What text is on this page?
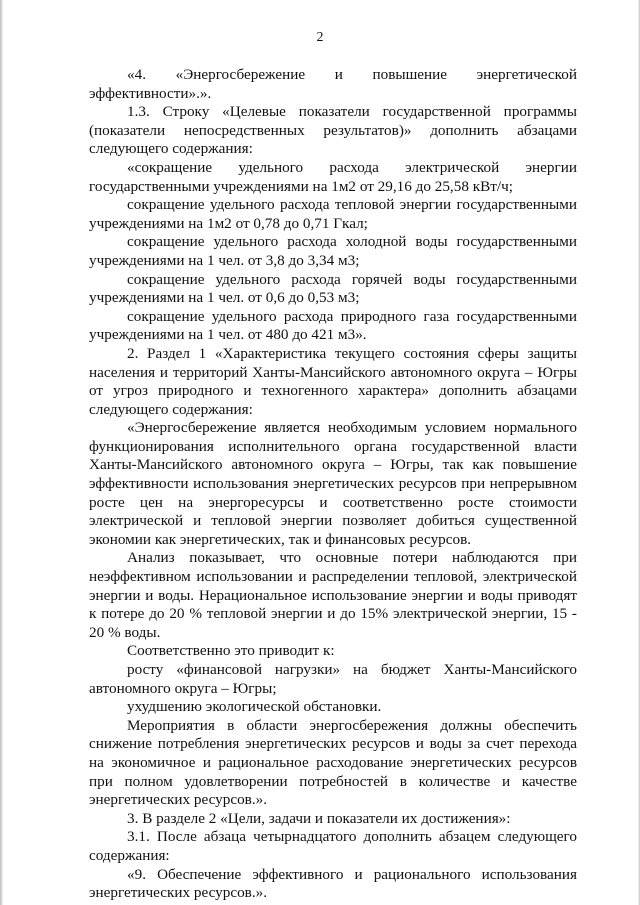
2

«4. «Энергосбережение и повышение энергетической эффективности».».

1.3. Строку «Целевые показатели государственной программы (показатели непосредственных результатов)» дополнить абзацами следующего содержания:

«сокращение удельного расхода электрической энергии государственными учреждениями на 1м2 от 29,16 до 25,58 кВт/ч;

сокращение удельного расхода тепловой энергии государственными учреждениями на 1м2 от 0,78 до 0,71 Гкал;

сокращение удельного расхода холодной воды государственными учреждениями на 1 чел. от 3,8 до 3,34 м3;

сокращение удельного расхода горячей воды государственными учреждениями на 1 чел. от 0,6 до 0,53 м3;

сокращение удельного расхода природного газа государственными учреждениями на 1 чел. от 480 до 421 м3».

2. Раздел 1 «Характеристика текущего состояния сферы защиты населения и территорий Ханты-Мансийского автономного округа – Югры от угроз природного и техногенного характера» дополнить абзацами следующего содержания:

«Энергосбережение является необходимым условием нормального функционирования исполнительного органа государственной власти Ханты-Мансийского автономного округа – Югры, так как повышение эффективности использования энергетических ресурсов при непрерывном росте цен на энергоресурсы и соответственно росте стоимости электрической и тепловой энергии позволяет добиться существенной экономии как энергетических, так и финансовых ресурсов.

Анализ показывает, что основные потери наблюдаются при неэффективном использовании и распределении тепловой, электрической энергии и воды. Нерациональное использование энергии и воды приводят к потере до 20 % тепловой энергии и до 15% электрической энергии, 15 - 20 % воды.

Соответственно это приводит к:

росту «финансовой нагрузки» на бюджет Ханты-Мансийского автономного округа – Югры;

ухудшению экологической обстановки.

Мероприятия в области энергосбережения должны обеспечить снижение потребления энергетических ресурсов и воды за счет перехода на экономичное и рациональное расходование энергетических ресурсов при полном удовлетворении потребностей в количестве и качестве энергетических ресурсов.».

3. В разделе 2 «Цели, задачи и показатели их достижения»:

3.1. После абзаца четырнадцатого дополнить абзацем следующего содержания:

«9. Обеспечение эффективного и рационального использования энергетических ресурсов.».
